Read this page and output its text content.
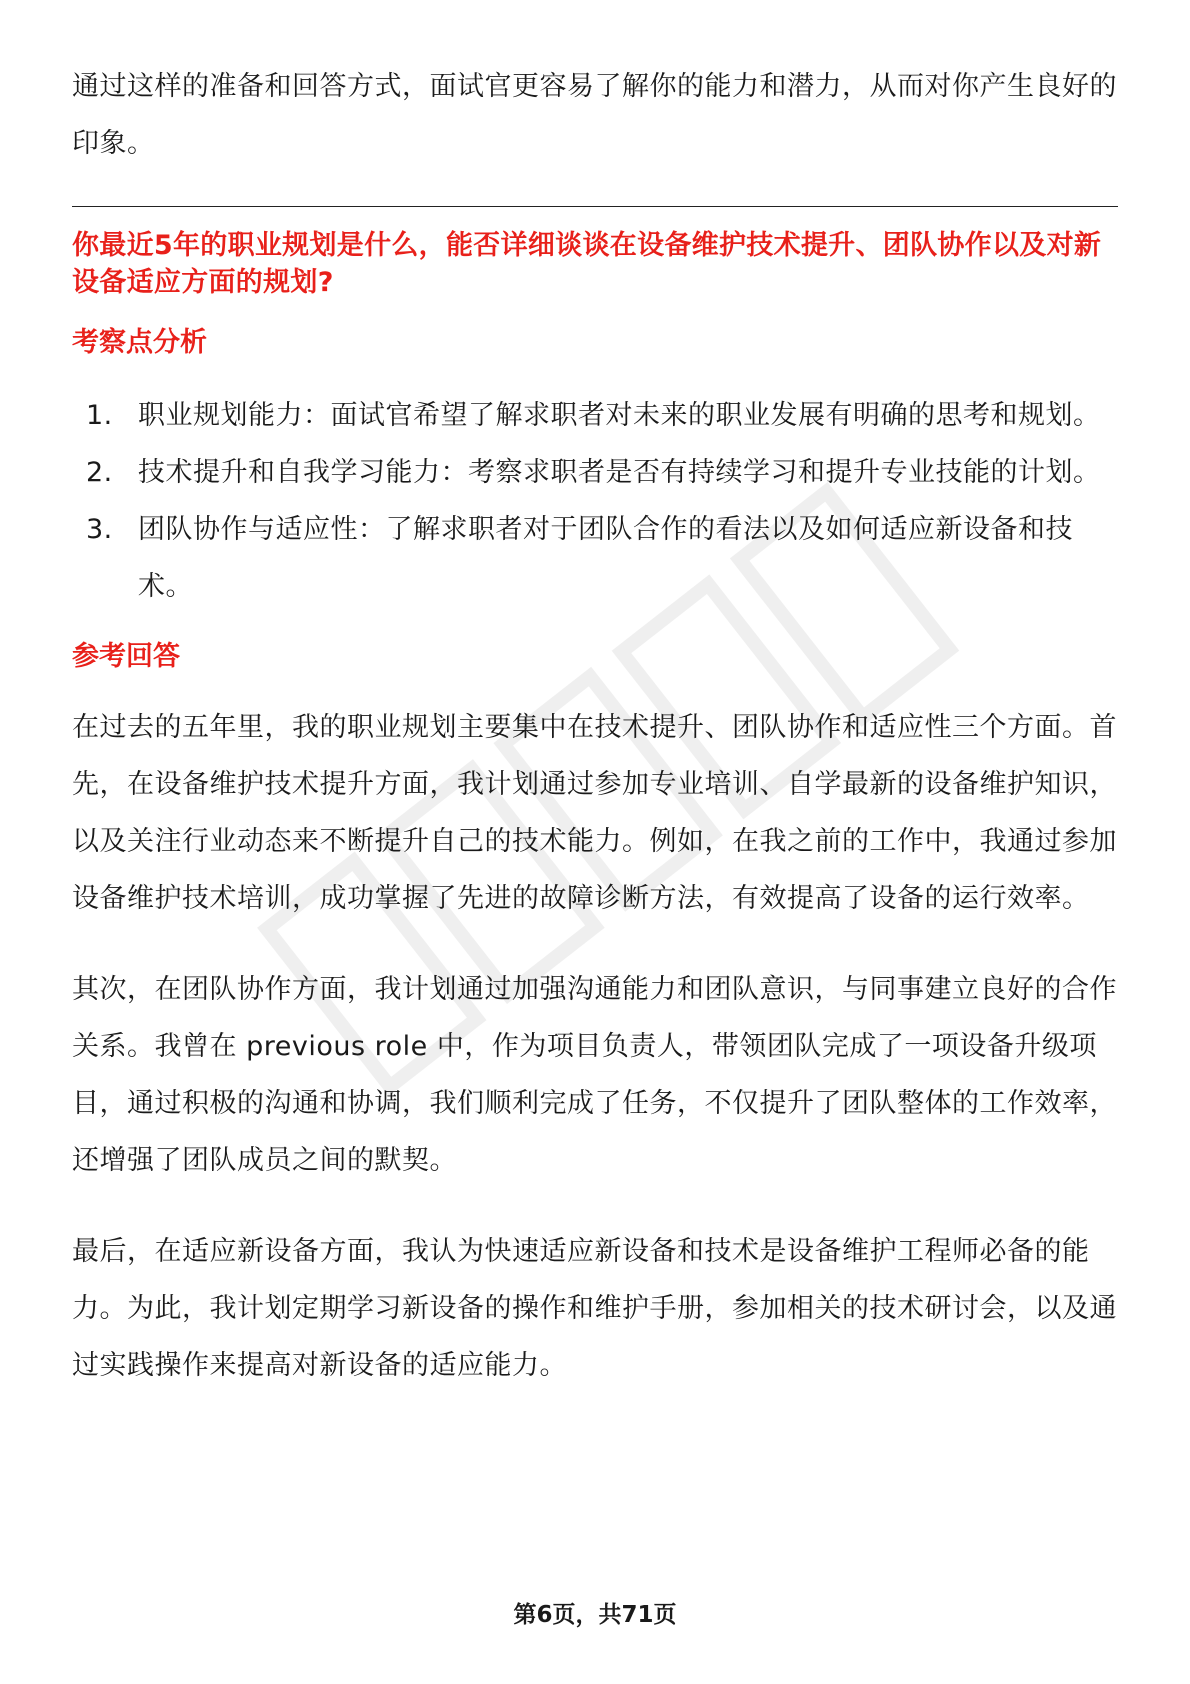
通过这样的准备和回答方式，面试官更容易了解你的能力和潜力，从而对你产生良好的印象。

你最近5年的职业规划是什么，能否详细谈谈在设备维护技术提升、团队协作以及对新设备适应方面的规划?

考察点分析
1. 职业规划能力：面试官希望了解求职者对未来的职业发展有明确的思考和规划。
2. 技术提升和自我学习能力：考察求职者是否有持续学习和提升专业技能的计划。
3. 团队协作与适应性：了解求职者对于团队合作的看法以及如何适应新设备和技术。
参考回答

在过去的五年里，我的职业规划主要集中在技术提升、团队协作和适应性三个方面。首先，在设备维护技术提升方面，我计划通过参加专业培训、自学最新的设备维护知识，以及关注行业动态来不断提升自己的技术能力。例如，在我之前的工作中，我通过参加设备维护技术培训，成功掌握了先进的故障诊断方法，有效提高了设备的运行效率。

其次，在团队协作方面，我计划通过加强沟通能力和团队意识，与同事建立良好的合作关系。我曾在 previous role 中，作为项目负责人，带领团队完成了一项设备升级项目，通过积极的沟通和协调，我们顺利完成了任务，不仅提升了团队整体的工作效率，还增强了团队成员之间的默契。

最后，在适应新设备方面，我认为快速适应新设备和技术是设备维护工程师必备的能力。为此，我计划定期学习新设备的操作和维护手册，参加相关的技术研讨会，以及通过实践操作来提高对新设备的适应能力。

第6页，共71页
